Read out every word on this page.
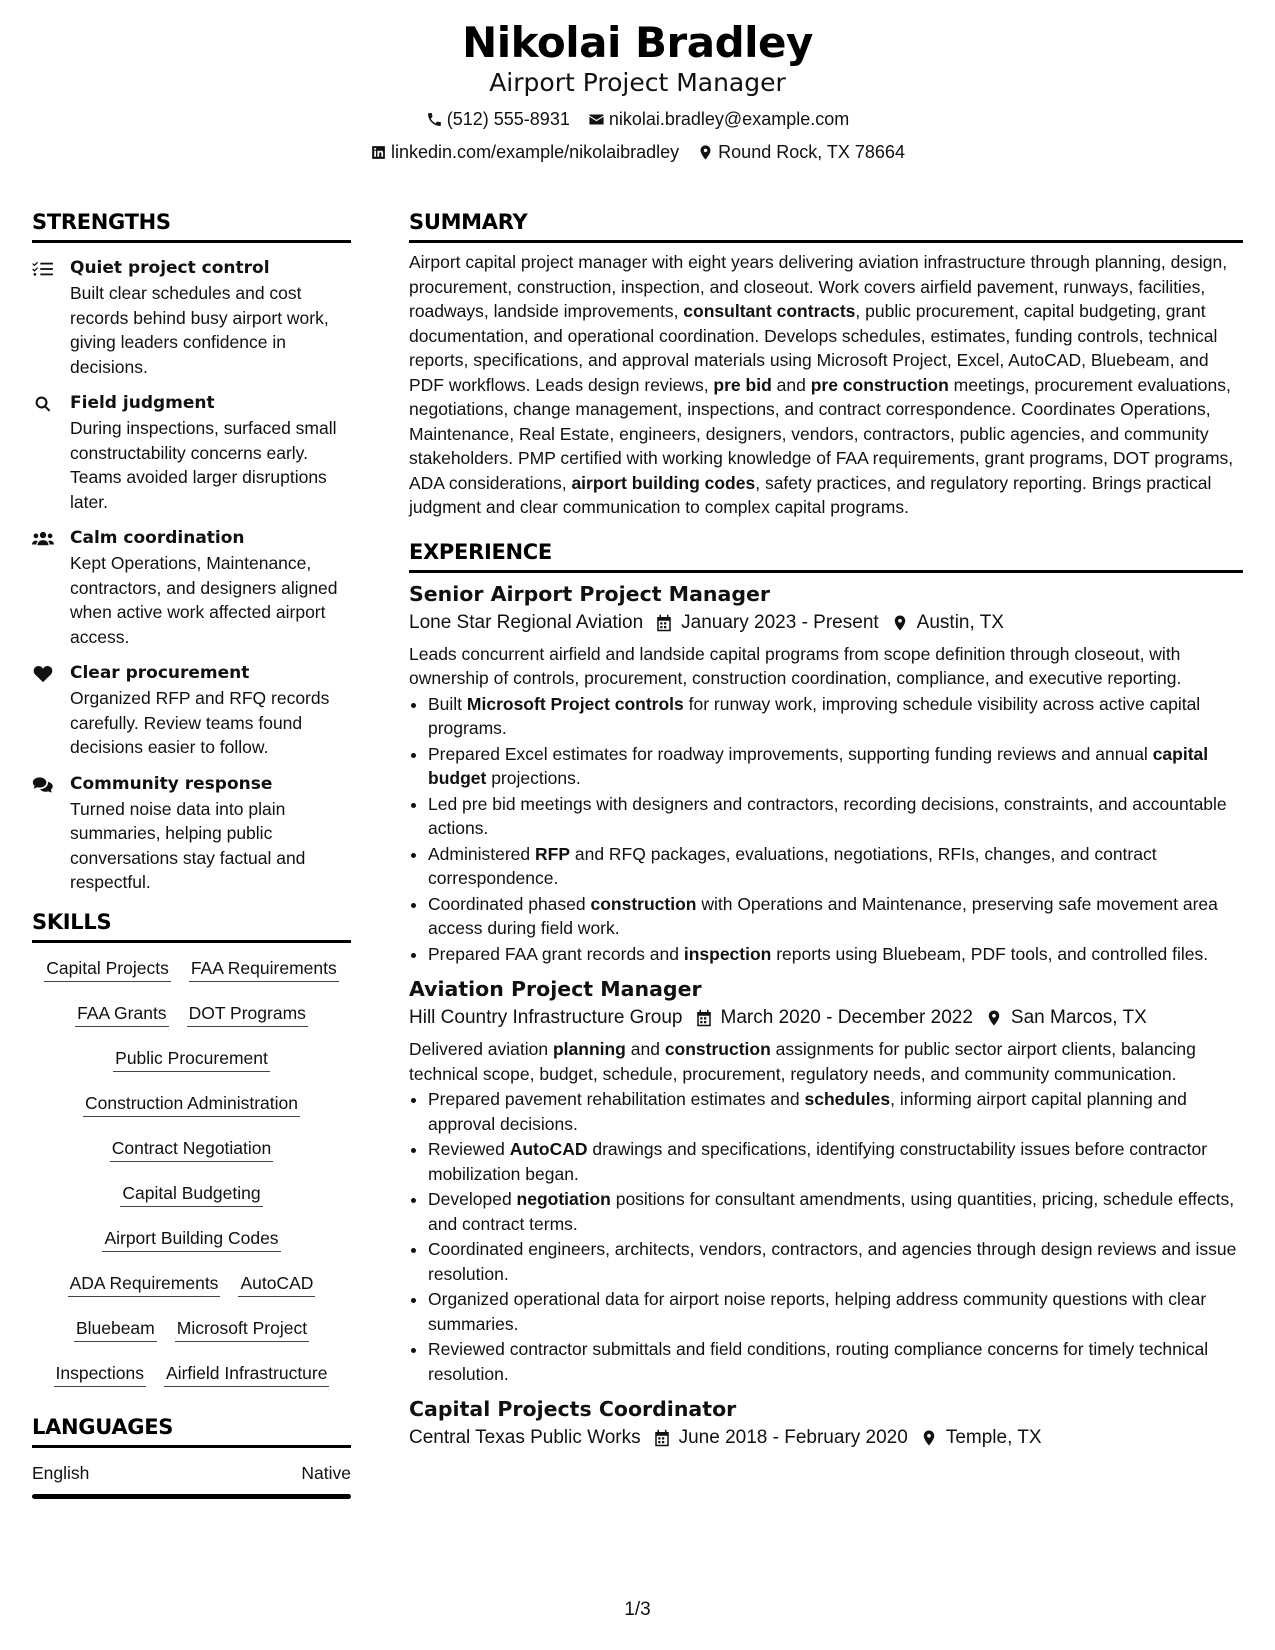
Nikolai Bradley
Airport Project Manager
(512) 555-8931 nikolai.bradley@example.com
linkedin.com/example/nikolaibradley Round Rock, TX 78664
STRENGTHS
Quiet project control
Built clear schedules and cost records behind busy airport work, giving leaders confidence in decisions.
Field judgment
During inspections, surfaced small constructability concerns early. Teams avoided larger disruptions later.
Calm coordination
Kept Operations, Maintenance, contractors, and designers aligned when active work affected airport access.
Clear procurement
Organized RFP and RFQ records carefully. Review teams found decisions easier to follow.
Community response
Turned noise data into plain summaries, helping public conversations stay factual and respectful.
SKILLS
Capital Projects FAA Requirements
FAA Grants DOT Programs
Public Procurement
Construction Administration
Contract Negotiation
Capital Budgeting
Airport Building Codes
ADA Requirements AutoCAD
Bluebeam Microsoft Project
Inspections Airfield Infrastructure
LANGUAGES
English	Native
SUMMARY
Airport capital project manager with eight years delivering aviation infrastructure through planning, design, procurement, construction, inspection, and closeout. Work covers airfield pavement, runways, facilities, roadways, landside improvements, consultant contracts, public procurement, capital budgeting, grant documentation, and operational coordination. Develops schedules, estimates, funding controls, technical reports, specifications, and approval materials using Microsoft Project, Excel, AutoCAD, Bluebeam, and PDF workflows. Leads design reviews, pre bid and pre construction meetings, procurement evaluations, negotiations, change management, inspections, and contract correspondence. Coordinates Operations, Maintenance, Real Estate, engineers, designers, vendors, contractors, public agencies, and community stakeholders. PMP certified with working knowledge of FAA requirements, grant programs, DOT programs, ADA considerations, airport building codes, safety practices, and regulatory reporting. Brings practical judgment and clear communication to complex capital programs.
EXPERIENCE
Senior Airport Project Manager
Lone Star Regional Aviation January 2023 - Present Austin, TX
Leads concurrent airfield and landside capital programs from scope definition through closeout, with ownership of controls, procurement, construction coordination, compliance, and executive reporting.
• Built Microsoft Project controls for runway work, improving schedule visibility across active capital programs.
• Prepared Excel estimates for roadway improvements, supporting funding reviews and annual capital budget projections.
• Led pre bid meetings with designers and contractors, recording decisions, constraints, and accountable actions.
• Administered RFP and RFQ packages, evaluations, negotiations, RFIs, changes, and contract correspondence.
• Coordinated phased construction with Operations and Maintenance, preserving safe movement area access during field work.
• Prepared FAA grant records and inspection reports using Bluebeam, PDF tools, and controlled files.
Aviation Project Manager
Hill Country Infrastructure Group March 2020 - December 2022 San Marcos, TX
Delivered aviation planning and construction assignments for public sector airport clients, balancing technical scope, budget, schedule, procurement, regulatory needs, and community communication.
• Prepared pavement rehabilitation estimates and schedules, informing airport capital planning and approval decisions.
• Reviewed AutoCAD drawings and specifications, identifying constructability issues before contractor mobilization began.
• Developed negotiation positions for consultant amendments, using quantities, pricing, schedule effects, and contract terms.
• Coordinated engineers, architects, vendors, contractors, and agencies through design reviews and issue resolution.
• Organized operational data for airport noise reports, helping address community questions with clear summaries.
• Reviewed contractor submittals and field conditions, routing compliance concerns for timely technical resolution.
Capital Projects Coordinator
Central Texas Public Works June 2018 - February 2020 Temple, TX
1/3
